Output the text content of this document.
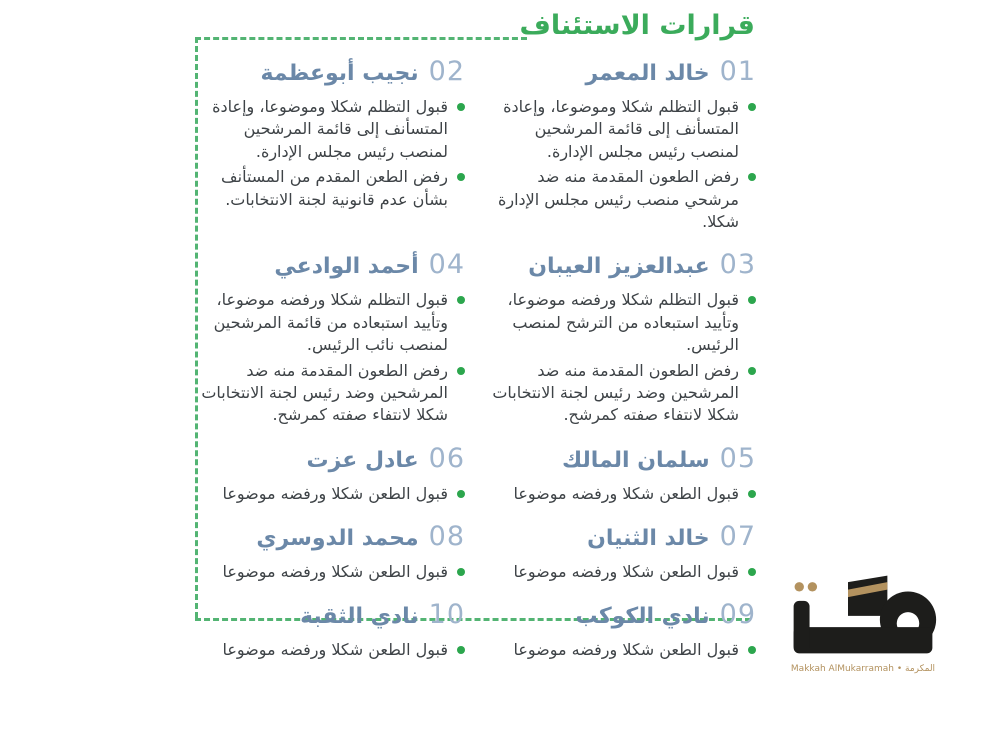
قرارات الاستئناف
01
خالد المعمر
قبول التظلم شكلا وموضوعا، وإعادة المتسأنف إلى قائمة المرشحين لمنصب رئيس مجلس الإدارة.
رفض الطعون المقدمة منه ضد مرشحي منصب رئيس مجلس الإدارة شكلا.
02
نجيب أبوعظمة
قبول التظلم شكلا وموضوعا، وإعادة المتسأنف إلى قائمة المرشحين لمنصب رئيس مجلس الإدارة.
رفض الطعن المقدم من المستأنف بشأن عدم قانونية لجنة الانتخابات.
03
عبدالعزيز العيبان
قبول التظلم شكلا ورفضه موضوعا، وتأييد استبعاده من الترشح لمنصب الرئيس.
رفض الطعون المقدمة منه ضد المرشحين وضد رئيس لجنة الانتخابات شكلا لانتفاء صفته كمرشح.
04
أحمد الوادعي
قبول التظلم شكلا ورفضه موضوعا، وتأييد استبعاده من قائمة المرشحين لمنصب نائب الرئيس.
رفض الطعون المقدمة منه ضد المرشحين وضد رئيس لجنة الانتخابات شكلا لانتفاء صفته كمرشح.
05
سلمان المالك
قبول الطعن شكلا ورفضه موضوعا
06
عادل عزت
قبول الطعن شكلا ورفضه موضوعا
07
خالد الثنيان
قبول الطعن شكلا ورفضه موضوعا
08
محمد الدوسري
قبول الطعن شكلا ورفضه موضوعا
09
نادي الكوكب
قبول الطعن شكلا ورفضه موضوعا
10
نادي الثقبة
قبول الطعن شكلا ورفضه موضوعا
Makkah AlMukarramah • المكرمة
